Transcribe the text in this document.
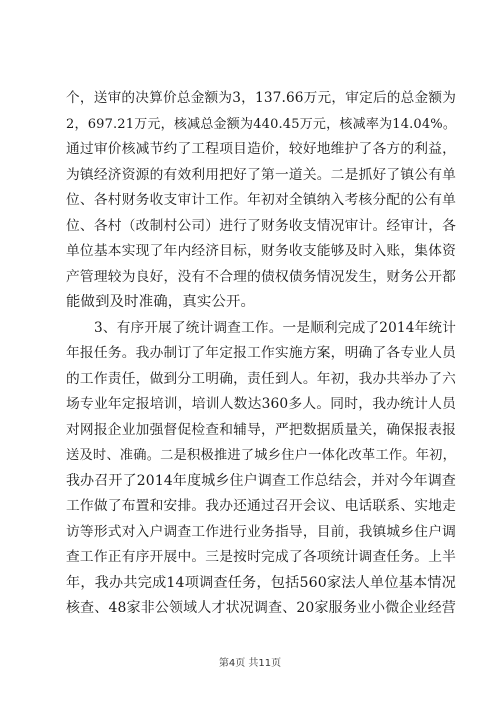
个，送审的决算价总金额为3，137.66万元，审定后的总金额为
2，697.21万元，核减总金额为440.45万元，核减率为14.04%。
通过审价核减节约了工程项目造价，较好地维护了各方的利益，
为镇经济资源的有效利用把好了第一道关。二是抓好了镇公有单
位、各村财务收支审计工作。年初对全镇纳入考核分配的公有单
位、各村（改制村公司）进行了财务收支情况审计。经审计，各
单位基本实现了年内经济目标，财务收支能够及时入账，集体资
产管理较为良好，没有不合理的债权债务情况发生，财务公开都
能做到及时准确，真实公开。
3、有序开展了统计调查工作。一是顺利完成了2014年统计
年报任务。我办制订了年定报工作实施方案，明确了各专业人员
的工作责任，做到分工明确，责任到人。年初，我办共举办了六
场专业年定报培训，培训人数达360多人。同时，我办统计人员
对网报企业加强督促检查和辅导，严把数据质量关，确保报表报
送及时、准确。二是积极推进了城乡住户一体化改革工作。年初，
我办召开了2014年度城乡住户调查工作总结会，并对今年调查
工作做了布置和安排。我办还通过召开会议、电话联系、实地走
访等形式对入户调查工作进行业务指导，目前，我镇城乡住户调
查工作正有序开展中。三是按时完成了各项统计调查任务。上半
年，我办共完成14项调查任务，包括560家法人单位基本情况
核查、48家非公领域人才状况调查、20家服务业小微企业经营
第4页 共11页
